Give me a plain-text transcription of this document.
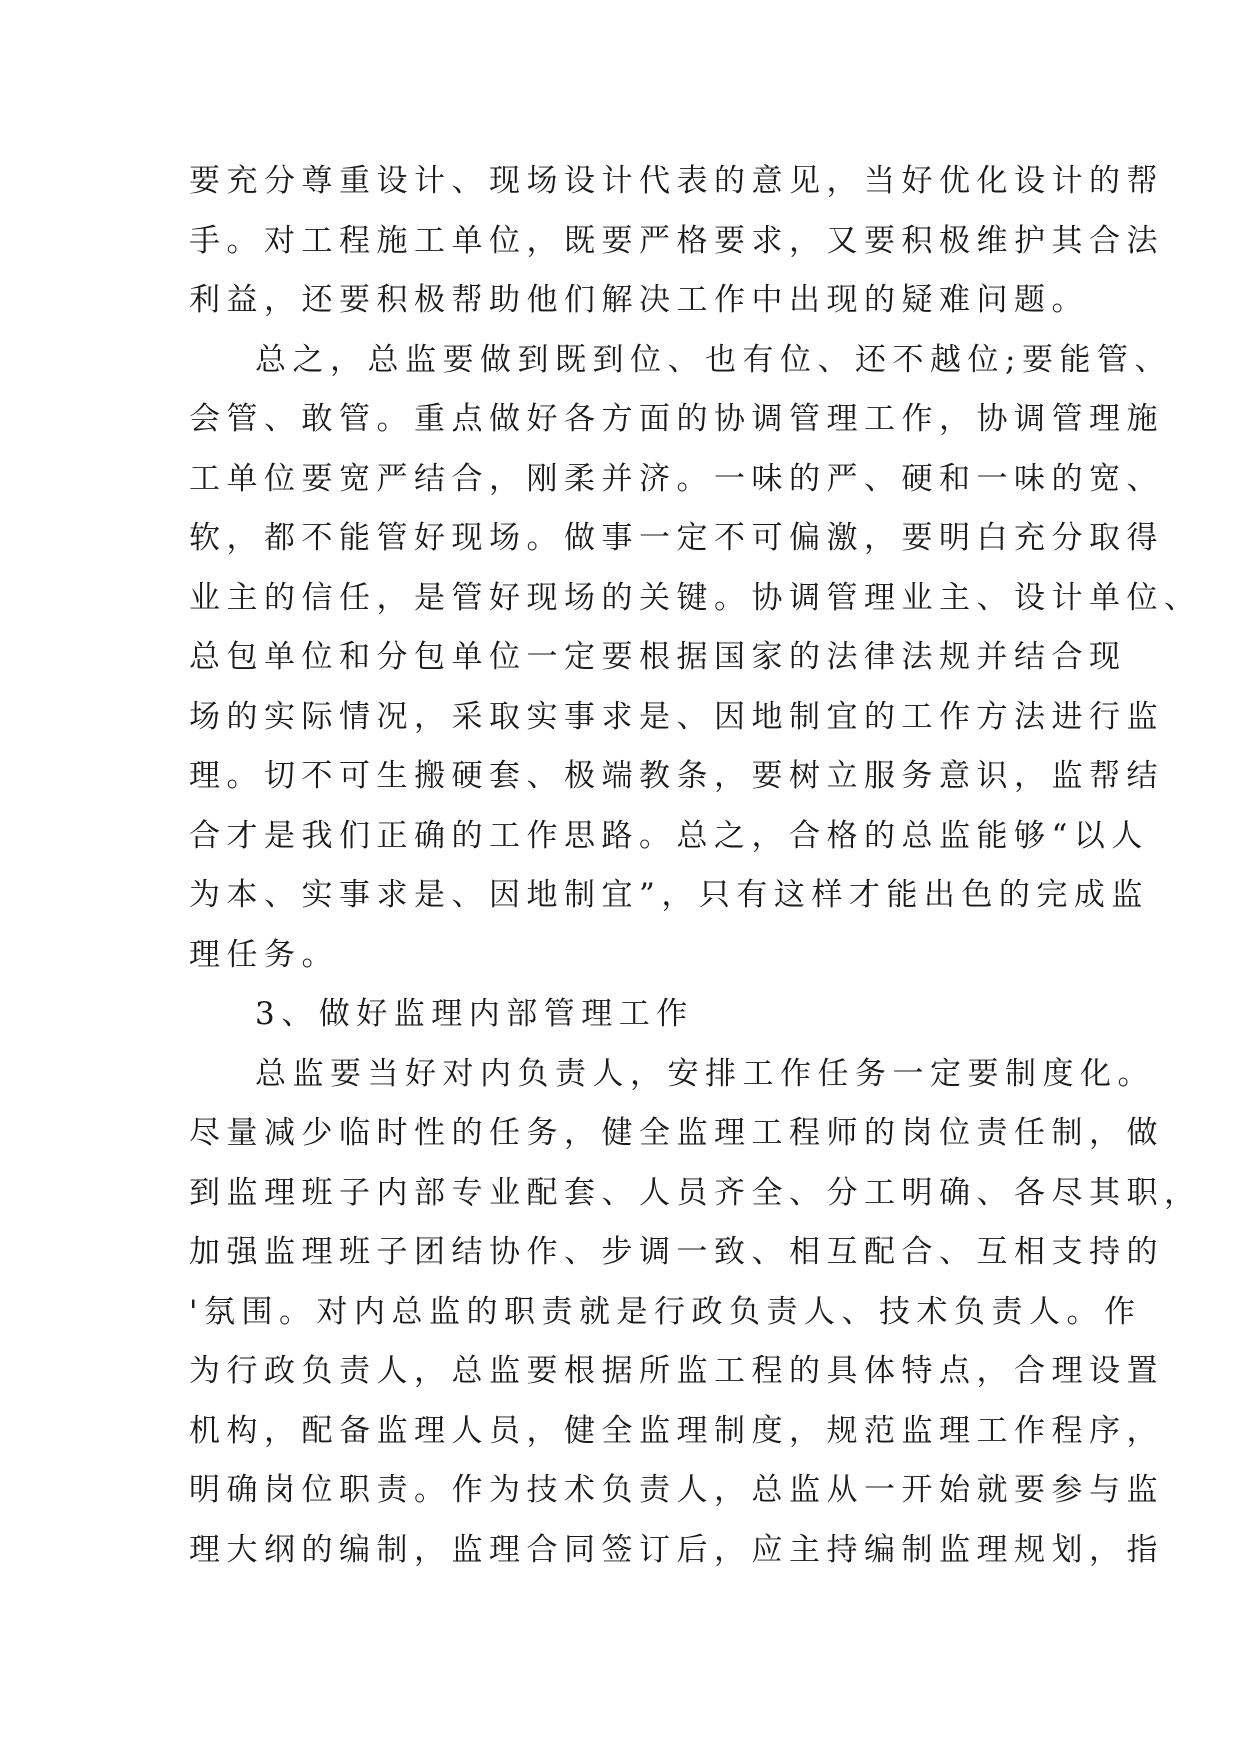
要充分尊重设计、现场设计代表的意见，当好优化设计的帮
手。对工程施工单位，既要严格要求，又要积极维护其合法
利益，还要积极帮助他们解决工作中出现的疑难问题。
总之，总监要做到既到位、也有位、还不越位;要能管、
会管、敢管。重点做好各方面的协调管理工作，协调管理施
工单位要宽严结合，刚柔并济。一味的严、硬和一味的宽、
软，都不能管好现场。做事一定不可偏激，要明白充分取得
业主的信任，是管好现场的关键。协调管理业主、设计单位、
总包单位和分包单位一定要根据国家的法律法规并结合现
场的实际情况，采取实事求是、因地制宜的工作方法进行监
理。切不可生搬硬套、极端教条，要树立服务意识，监帮结
合才是我们正确的工作思路。总之，合格的总监能够“以人
为本、实事求是、因地制宜”，只有这样才能出色的完成监
理任务。
3、做好监理内部管理工作
总监要当好对内负责人，安排工作任务一定要制度化。
尽量减少临时性的任务，健全监理工程师的岗位责任制，做
到监理班子内部专业配套、人员齐全、分工明确、各尽其职，
加强监理班子团结协作、步调一致、相互配合、互相支持的
'氛围。对内总监的职责就是行政负责人、技术负责人。作
为行政负责人，总监要根据所监工程的具体特点，合理设置
机构，配备监理人员，健全监理制度，规范监理工作程序，
明确岗位职责。作为技术负责人，总监从一开始就要参与监
理大纲的编制，监理合同签订后，应主持编制监理规划，指
